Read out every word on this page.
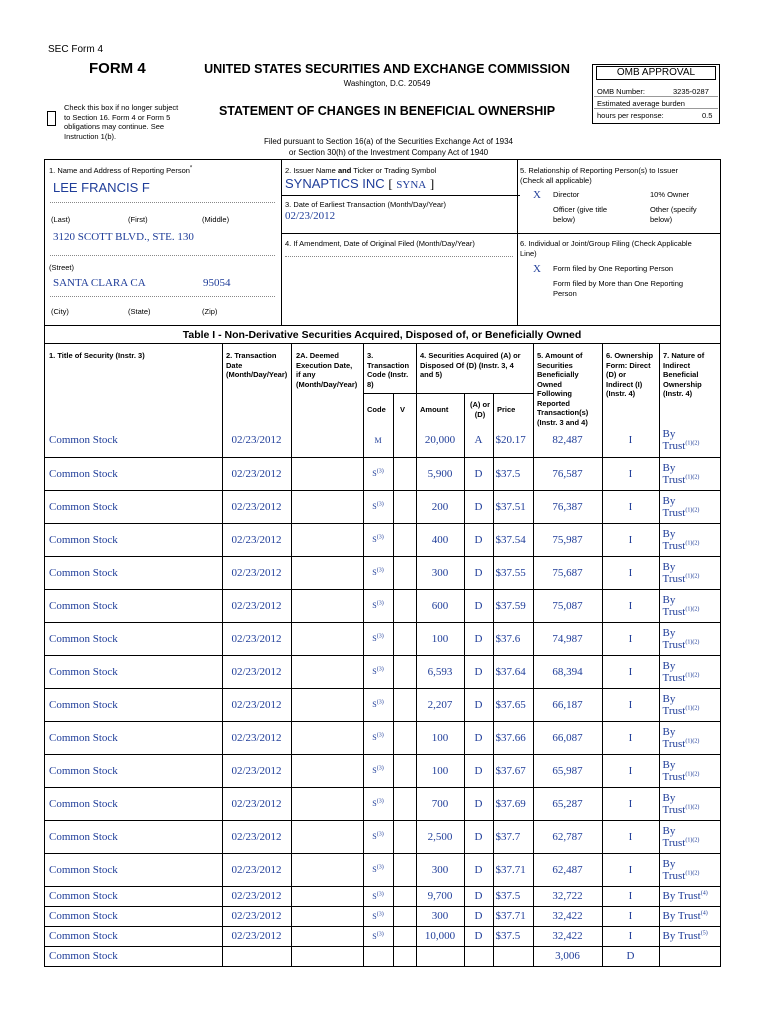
SEC Form 4
FORM 4	UNITED STATES SECURITIES AND EXCHANGE COMMISSION
Washington, D.C. 20549
STATEMENT OF CHANGES IN BENEFICIAL OWNERSHIP
Check this box if no longer subject
to Section 16. Form 4 or Form 5
obligations may continue. See
Instruction 1(b).
Filed pursuant to Section 16(a) of the Securities Exchange Act of 1934
or Section 30(h) of the Investment Company Act of 1940
OMB APPROVAL
OMB Number:	3235-0287
Estimated average burden
hours per response:	0.5
1. Name and Address of Reporting Person*
LEE FRANCIS F
(Last)	(First)	(Middle)
3120 SCOTT BLVD., STE. 130
(Street)
SANTA CLARA CA	95054
(City)	(State)	(Zip)
2. Issuer Name and Ticker or Trading Symbol
SYNAPTICS INC [ SYNA ]
3. Date of Earliest Transaction (Month/Day/Year)
02/23/2012
4. If Amendment, Date of Original Filed (Month/Day/Year)
5. Relationship of Reporting Person(s) to Issuer
(Check all applicable)
X Director	10% Owner
Officer (give title
below)
Other (specify
below)
6. Individual or Joint/Group Filing (Check Applicable
Line)
X Form filed by One Reporting Person
Form filed by More than One Reporting
Person
Table I - Non-Derivative Securities Acquired, Disposed of, or Beneficially Owned
1. Title of Security (Instr. 3)	2. Transaction
Date
(Month/Day/Year)
2A. Deemed
Execution Date,
if any
(Month/Day/Year)
3.
Transaction
Code (Instr.
8)
4. Securities Acquired (A) or
Disposed Of (D) (Instr. 3, 4
and 5)
5. Amount of
Securities
Beneficially
Owned
Following
Reported
Transaction(s)
(Instr. 3 and 4)
6. Ownership
Form: Direct
(D) or
Indirect (I)
(Instr. 4)
7. Nature of
Indirect
Beneficial
Ownership
(Instr. 4)
Code V Amount
(A) or
(D)	Price
Common Stock	02/23/2012		M		20,000	A	$20.17	82,487	I	By
Trust$^{(1)(2)}$
Common Stock	02/23/2012		$S^{(3)}$		5,900	D	$37.5	76,587	I	By
Trust$^{(1)(2)}$
Common Stock	02/23/2012		$S^{(3)}$		200	D	$37.51	76,387	I	By
Trust$^{(1)(2)}$
Common Stock	02/23/2012		$S^{(3)}$		400	D	$37.54	75,987	I	By
Trust$^{(1)(2)}$
Common Stock	02/23/2012		$S^{(3)}$		300	D	$37.55	75,687	I	By
Trust$^{(1)(2)}$
Common Stock	02/23/2012		$S^{(3)}$		600	D	$37.59	75,087	I	By
Trust$^{(1)(2)}$
Common Stock	02/23/2012		$S^{(3)}$		100	D	$37.6	74,987	I	By
Trust$^{(1)(2)}$
Common Stock	02/23/2012		$S^{(3)}$		6,593	D	$37.64	68,394	I	By
Trust$^{(1)(2)}$
Common Stock	02/23/2012		$S^{(3)}$		2,207	D	$37.65	66,187	I	By
Trust$^{(1)(2)}$
Common Stock	02/23/2012		$S^{(3)}$		100	D	$37.66	66,087	I	By
Trust$^{(1)(2)}$
Common Stock	02/23/2012		$S^{(3)}$		100	D	$37.67	65,987	I	By
Trust$^{(1)(2)}$
Common Stock	02/23/2012		$S^{(3)}$		700	D	$37.69	65,287	I	By
Trust$^{(1)(2)}$
Common Stock	02/23/2012		$S^{(3)}$		2,500	D	$37.7	62,787	I	By
Trust$^{(1)(2)}$
Common Stock	02/23/2012		$S^{(3)}$		300	D	$37.71	62,487	I	By
Trust$^{(1)(2)}$
Common Stock	02/23/2012		$S^{(3)}$		9,700	D	$37.5	32,722	I	By Trust$^{(4)}$
Common Stock	02/23/2012		$S^{(3)}$		300	D	$37.71	32,422	I	By Trust$^{(4)}$
Common Stock	02/23/2012		$S^{(3)}$		10,000	D	$37.5	32,422	I	By Trust$^{(5)}$
Common Stock								3,006	D	
